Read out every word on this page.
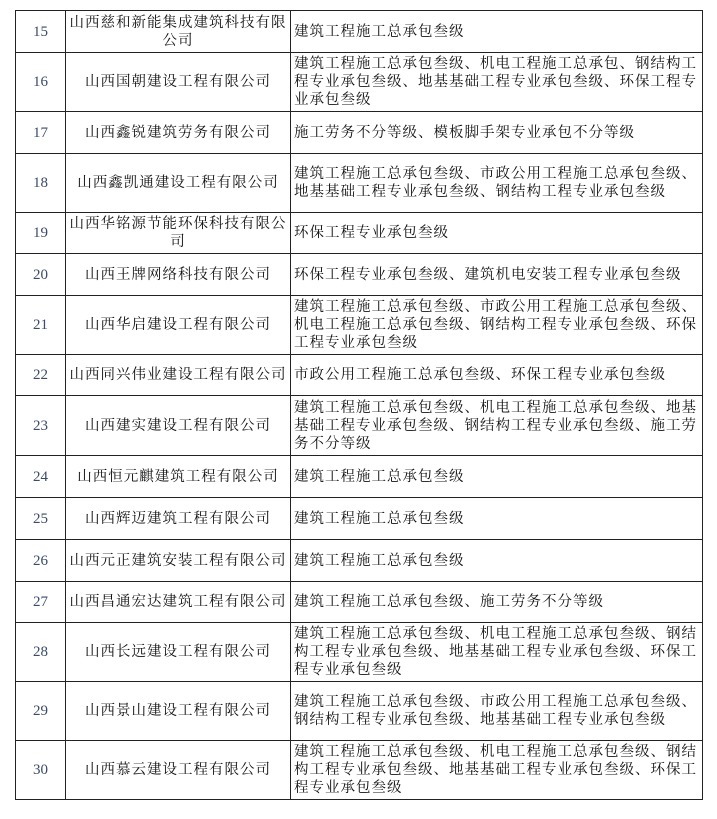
15	山西慈和新能集成建筑科技有限公司	建筑工程施工总承包叁级
16	山西国朝建设工程有限公司	建筑工程施工总承包叁级、机电工程施工总承包、钢结构工程专业承包叁级、地基基础工程专业承包叁级、环保工程专业承包叁级
17	山西鑫锐建筑劳务有限公司	施工劳务不分等级、模板脚手架专业承包不分等级
18	山西鑫凯通建设工程有限公司	建筑工程施工总承包叁级、市政公用工程施工总承包叁级、地基基础工程专业承包叁级、钢结构工程专业承包叁级
19	山西华铭源节能环保科技有限公司	环保工程专业承包叁级
20	山西王牌网络科技有限公司	环保工程专业承包叁级、建筑机电安装工程专业承包叁级
21	山西华启建设工程有限公司	建筑工程施工总承包叁级、市政公用工程施工总承包叁级、机电工程施工总承包叁级、钢结构工程专业承包叁级、环保工程专业承包叁级
22	山西同兴伟业建设工程有限公司	市政公用工程施工总承包叁级、环保工程专业承包叁级
23	山西建实建设工程有限公司	建筑工程施工总承包叁级、机电工程施工总承包叁级、地基基础工程专业承包叁级、钢结构工程专业承包叁级、施工劳务不分等级
24	山西恒元麒建筑工程有限公司	建筑工程施工总承包叁级
25	山西辉迈建筑工程有限公司	建筑工程施工总承包叁级
26	山西元正建筑安装工程有限公司	建筑工程施工总承包叁级
27	山西昌通宏达建筑工程有限公司	建筑工程施工总承包叁级、施工劳务不分等级
28	山西长远建设工程有限公司	建筑工程施工总承包叁级、机电工程施工总承包叁级、钢结构工程专业承包叁级、地基基础工程专业承包叁级、环保工程专业承包叁级
29	山西景山建设工程有限公司	建筑工程施工总承包叁级、市政公用工程施工总承包叁级、钢结构工程专业承包叁级、地基基础工程专业承包叁级
30	山西慕云建设工程有限公司	建筑工程施工总承包叁级、机电工程施工总承包叁级、钢结构工程专业承包叁级、地基基础工程专业承包叁级、环保工程专业承包叁级
